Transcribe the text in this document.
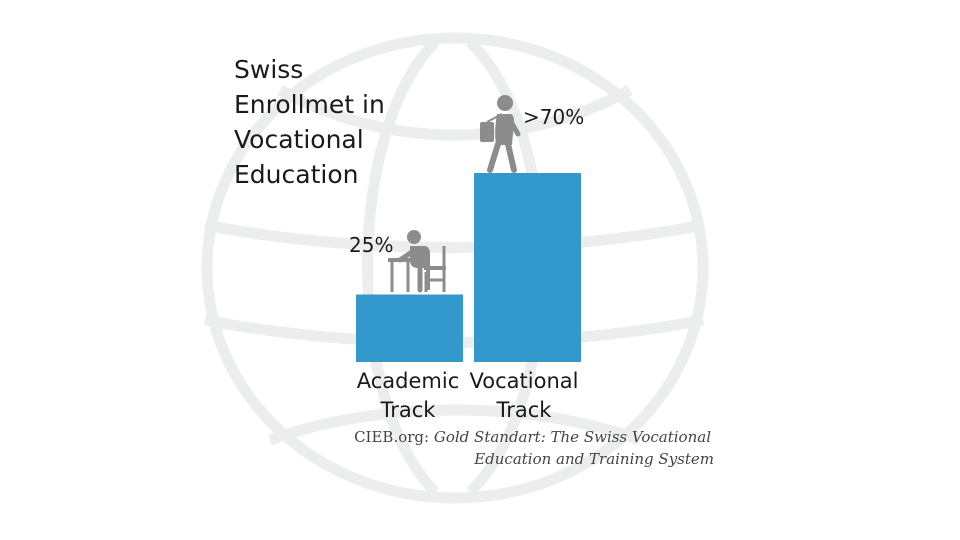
Swiss
Enrollmet in
Vocational
Education
25%
>70%
Academic
Track
Vocational
Track
CIEB.org: Gold Standart: The Swiss Vocational
Education and Training System
